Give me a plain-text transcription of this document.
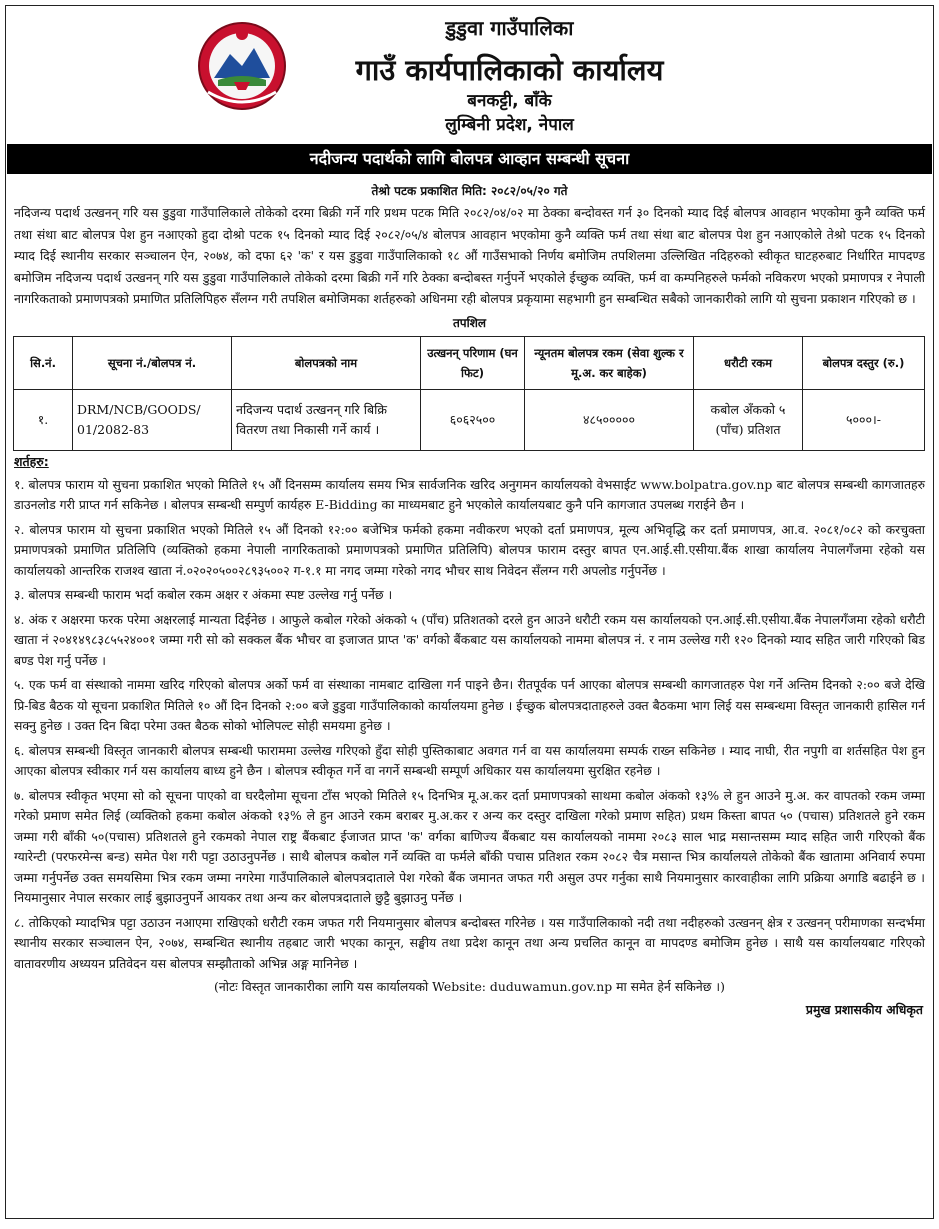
डुडुवा गाउँपालिका
गाउँ कार्यपालिकाको कार्यालय
बनकट्टी, बाँके
लुम्बिनी प्रदेश, नेपाल
नदीजन्य पदार्थको लागि बोलपत्र आव्हान सम्बन्धी सूचना
तेश्रो पटक प्रकाशित मिति: २०८२/०५/२० गते

नदिजन्य पदार्थ उत्खनन् गरि यस डुडुवा गाउँपालिकाले तोकेको दरमा बिक्री गर्ने गरि प्रथम पटक मिति २०८२/०४/०२ मा ठेक्का बन्दोवस्त गर्न ३० दिनको म्याद दिई बोलपत्र आवहान भएकोमा कुनै व्यक्ति फर्म तथा संथा बाट बोलपत्र पेश हुन नआएको हुदा दोश्रो पटक १५ दिनको म्याद दिई २०८२/०५/४ बोलपत्र आवहान भएकोमा कुनै व्यक्ति फर्म तथा संथा बाट बोलपत्र पेश हुन नआएकोले तेश्रो पटक १५ दिनको म्याद दिई स्थानीय सरकार सञ्चालन ऐन, २०७४, को दफा ६२ 'क' र यस डुडुवा गाउँपालिकाको १८ औं गाउँसभाको निर्णय बमोजिम तपशिलमा उल्लिखित नदिहरुको स्वीकृत घाटहरुबाट निर्धारित मापदण्ड बमोजिम नदिजन्य पदार्थ उत्खनन् गरि यस डुडुवा गाउँपालिकाले तोकेको दरमा बिक्री गर्ने गरि ठेक्का बन्दोबस्त गर्नुपर्ने भएकोले ईच्छुक व्यक्ति, फर्म वा कम्पनिहरुले फर्मको नविकरण भएको प्रमाणपत्र र नेपाली नागरिकताको प्रमाणपत्रको प्रमाणित प्रतिलिपिहरु सँलग्न गरी तपशिल बमोजिमका शर्तहरुको अधिनमा रही बोलपत्र प्रकृयामा सहभागी हुन सम्बन्धित सबैको जानकारीको लागि यो सुचना प्रकाशन गरिएको छ ।

तपशिल
सि.नं.	सूचना नं./बोलपत्र नं.	बोलपत्रको नाम	उत्खनन् परिणाम (घन फिट)	न्यूनतम बोलपत्र रकम (सेवा शुल्क र मू.अ. कर बाहेक)	धरौटी रकम	बोलपत्र दस्तुर (रु.)
१.	DRM/NCB/GOODS/ 01/2082-83	नदिजन्य पदार्थ उत्खनन् गरि बिक्रि वितरण तथा निकासी गर्ने कार्य ।	६०६२५००	४८५०००००	कबोल अँकको ५ (पाँच) प्रतिशत	५०००।-
शर्तहरु:

१. बोलपत्र फाराम यो सुचना प्रकाशित भएको मितिले १५ औं दिनसम्म कार्यालय समय भित्र सार्वजनिक खरिद अनुगमन कार्यालयको वेभसाईट www.bolpatra.gov.np बाट बोलपत्र सम्बन्धी कागजातहरु डाउनलोड गरी प्राप्त गर्न सकिनेछ । बोलपत्र सम्बन्धी सम्पुर्ण कार्यहरु E-Bidding का माध्यमबाट हुने भएकोले कार्यालयबाट कुनै पनि कागजात उपलब्ध गराईने छैन ।

२. बोलपत्र फाराम यो सुचना प्रकाशित भएको मितिले १५ औं दिनको १२:०० बजेभित्र फर्मको हकमा नवीकरण भएको दर्ता प्रमाणपत्र, मूल्य अभिवृद्धि कर दर्ता प्रमाणपत्र, आ.व. २०८१/०८२ को करचुक्ता प्रमाणपत्रको प्रमाणित प्रतिलिपि (व्यक्तिको हकमा नेपाली नागरिकताको प्रमाणपत्रको प्रमाणित प्रतिलिपि) बोलपत्र फाराम दस्तुर बापत एन.आई.सी.एसीया.बैंक शाखा कार्यालय नेपालगँजमा रहेको यस कार्यालयको आन्तरिक राजश्व खाता नं.०२०२०५००२८९३५००२ ग-१.१ मा नगद जम्मा गरेको नगद भौचर साथ निवेदन सँलग्न गरी अपलोड गर्नुपर्नेछ ।

३. बोलपत्र सम्बन्धी फाराम भर्दा कबोल रकम अक्षर र अंकमा स्पष्ट उल्लेख गर्नु पर्नेछ ।

४. अंक र अक्षरमा फरक परेमा अक्षरलाई मान्यता दिईनेछ । आफुले कबोल गरेको अंकको ५ (पाँच) प्रतिशतको दरले हुन आउने धरौटी रकम यस कार्यालयको एन.आई.सी.एसीया.बैंक नेपालगँजमा रहेको धरौटी खाता नं २०४१४९८३८५५२४००१ जम्मा गरी सो को सक्कल बैंक भौचर वा इजाजत प्राप्त 'क' वर्गको बैंकबाट यस कार्यालयको नाममा बोलपत्र नं. र नाम उल्लेख गरी १२० दिनको म्याद सहित जारी गरिएको बिड बण्ड पेश गर्नु पर्नेछ ।

५. एक फर्म वा संस्थाको नाममा खरिद गरिएको बोलपत्र अर्को फर्म वा संस्थाका नामबाट दाखिला गर्न पाइने छैन। रीतपूर्वक पर्न आएका बोलपत्र सम्बन्धी कागजातहरु पेश गर्ने अन्तिम दिनको २:०० बजे देखि प्रि-बिड बैठक यो सूचना प्रकाशित मितिले १० औं दिन दिनको २:०० बजे डुडुवा गाउँपालिकाको कार्यालयमा हुनेछ । ईच्छुक बोलपत्रदाताहरुले उक्त बैठकमा भाग लिई यस सम्बन्धमा विस्तृत जानकारी हासिल गर्न सक्नु हुनेछ । उक्त दिन बिदा परेमा उक्त बैठक सोको भोलिपल्ट सोही समयमा हुनेछ ।

६. बोलपत्र सम्बन्धी विस्तृत जानकारी बोलपत्र सम्बन्धी फाराममा उल्लेख गरिएको हुँदा सोही पुस्तिकाबाट अवगत गर्न वा यस कार्यालयमा सम्पर्क राख्न सकिनेछ । म्याद नाघी, रीत नपुगी वा शर्तसहित पेश हुन आएका बोलपत्र स्वीकार गर्न यस कार्यालय बाध्य हुने छैन । बोलपत्र स्वीकृत गर्ने वा नगर्ने सम्बन्धी सम्पूर्ण अधिकार यस कार्यालयमा सुरक्षित रहनेछ ।

७. बोलपत्र स्वीकृत भएमा सो को सूचना पाएको वा घरदैलोमा सूचना टाँस भएको मितिले १५ दिनभित्र मू.अ.कर दर्ता प्रमाणपत्रको साथमा कबोल अंकको १३% ले हुन आउने मु.अ. कर वापतको रकम जम्मा गरेको प्रमाण समेत लिई (व्यक्तिको हकमा कबोल अंकको १३% ले हुन आउने रकम बराबर मु.अ.कर र अन्य कर दस्तुर दाखिला गरेको प्रमाण सहित) प्रथम किस्ता बापत ५० (पचास) प्रतिशतले हुने रकम जम्मा गरी बाँकी ५०(पचास) प्रतिशतले हुने रकमको नेपाल राष्ट्र बैंकबाट ईजाजत प्राप्त 'क' वर्गका बाणिज्य बैंकबाट यस कार्यालयको नाममा २०८३ साल भाद्र मसान्तसम्म म्याद सहित जारी गरिएको बैंक ग्यारेन्टी (परफरमेन्स बन्ड) समेत पेश गरी पट्टा उठाउनुपर्नेछ । साथै बोलपत्र कबोल गर्ने व्यक्ति वा फर्मले बाँकी पचास प्रतिशत रकम २०८२ चैत्र मसान्त भित्र कार्यालयले तोकेको बैंक खातामा अनिवार्य रुपमा जम्मा गर्नुपर्नेछ उक्त समयसिमा भित्र रकम जम्मा नगरेमा गाउँपालिकाले बोलपत्रदाताले पेश गरेको बैंक जमानत जफत गरी असुल उपर गर्नुका साथै नियमानुसार कारवाहीका लागि प्रक्रिया अगाडि बढाईने छ । नियमानुसार नेपाल सरकार लाई बुझाउनुपर्ने आयकर तथा अन्य कर बोलपत्रदाताले छुट्टै बुझाउनु पर्नेछ ।

८. तोकिएको म्यादभित्र पट्टा उठाउन नआएमा राखिएको धरौटी रकम जफत गरी नियमानुसार बोलपत्र बन्दोबस्त गरिनेछ । यस गाउँपालिकाको नदी तथा नदीहरुको उत्खनन् क्षेत्र र उत्खनन् परीमाणका सन्दर्भमा स्थानीय सरकार सञ्चालन ऐन, २०७४, सम्बन्धित स्थानीय तहबाट जारी भएका कानून, सङ्घीय तथा प्रदेश कानून तथा अन्य प्रचलित कानून वा मापदण्ड बमोजिम हुनेछ । साथै यस कार्यालयबाट गरिएको वातावरणीय अध्ययन प्रतिवेदन यस बोलपत्र सम्झौताको अभिन्न अङ्ग मानिनेछ ।

(नोटः विस्तृत जानकारीका लागि यस कार्यालयको Website: duduwamun.gov.np मा समेत हेर्न सकिनेछ ।)
प्रमुख प्रशासकीय अधिकृत
